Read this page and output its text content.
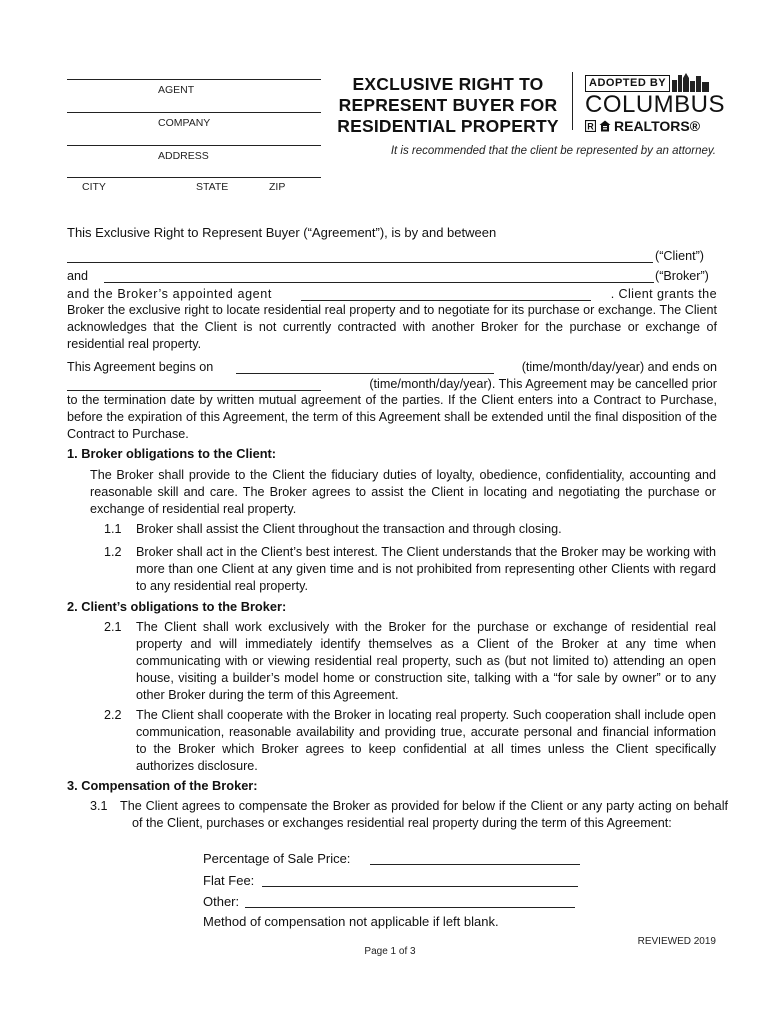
AGENT
COMPANY
ADDRESS
CITY	STATE	ZIP
EXCLUSIVE RIGHT TO
REPRESENT BUYER FOR
RESIDENTIAL PROPERTY
ADOPTED BY
COLUMBUS
R REALTORS®
It is recommended that the client be represented by an attorney.
This Exclusive Right to Represent Buyer (“Agreement”), is by and between
(“Client”)
and	(“Broker”)
and the Broker’s appointed agent	. Client grants the
Broker the exclusive right to locate residential real property and to negotiate for its purchase or exchange. The Client acknowledges that the Client is not currently contracted with another Broker for the purchase or exchange of residential real property.
This Agreement begins on	(time/month/day/year) and ends on
(time/month/day/year). This Agreement may be cancelled prior
to the termination date by written mutual agreement of the parties. If the Client enters into a Contract to Purchase, before the expiration of this Agreement, the term of this Agreement shall be extended until the final disposition of the Contract to Purchase.
1. Broker obligations to the Client:
The Broker shall provide to the Client the fiduciary duties of loyalty, obedience, confidentiality, accounting and reasonable skill and care. The Broker agrees to assist the Client in locating and negotiating the purchase or exchange of residential real property.
1.1 Broker shall assist the Client throughout the transaction and through closing.
1.2 Broker shall act in the Client’s best interest. The Client understands that the Broker may be working with more than one Client at any given time and is not prohibited from representing other Clients with regard to any residential real property.
2. Client’s obligations to the Broker:
2.1 The Client shall work exclusively with the Broker for the purchase or exchange of residential real property and will immediately identify themselves as a Client of the Broker at any time when communicating with or viewing residential real property, such as (but not limited to) attending an open house, visiting a builder’s model home or construction site, talking with a “for sale by owner” or to any other Broker during the term of this Agreement.
2.2 The Client shall cooperate with the Broker in locating real property. Such cooperation shall include open communication, reasonable availability and providing true, accurate personal and financial information to the Broker which Broker agrees to keep confidential at all times unless the Client specifically authorizes disclosure.
3. Compensation of the Broker:
3.1 The Client agrees to compensate the Broker as provided for below if the Client or any party acting on behalf of the Client, purchases or exchanges residential real property during the term of this Agreement:
Percentage of Sale Price:
Flat Fee:
Other:
Method of compensation not applicable if left blank.
REVIEWED 2019
Page 1 of 3
